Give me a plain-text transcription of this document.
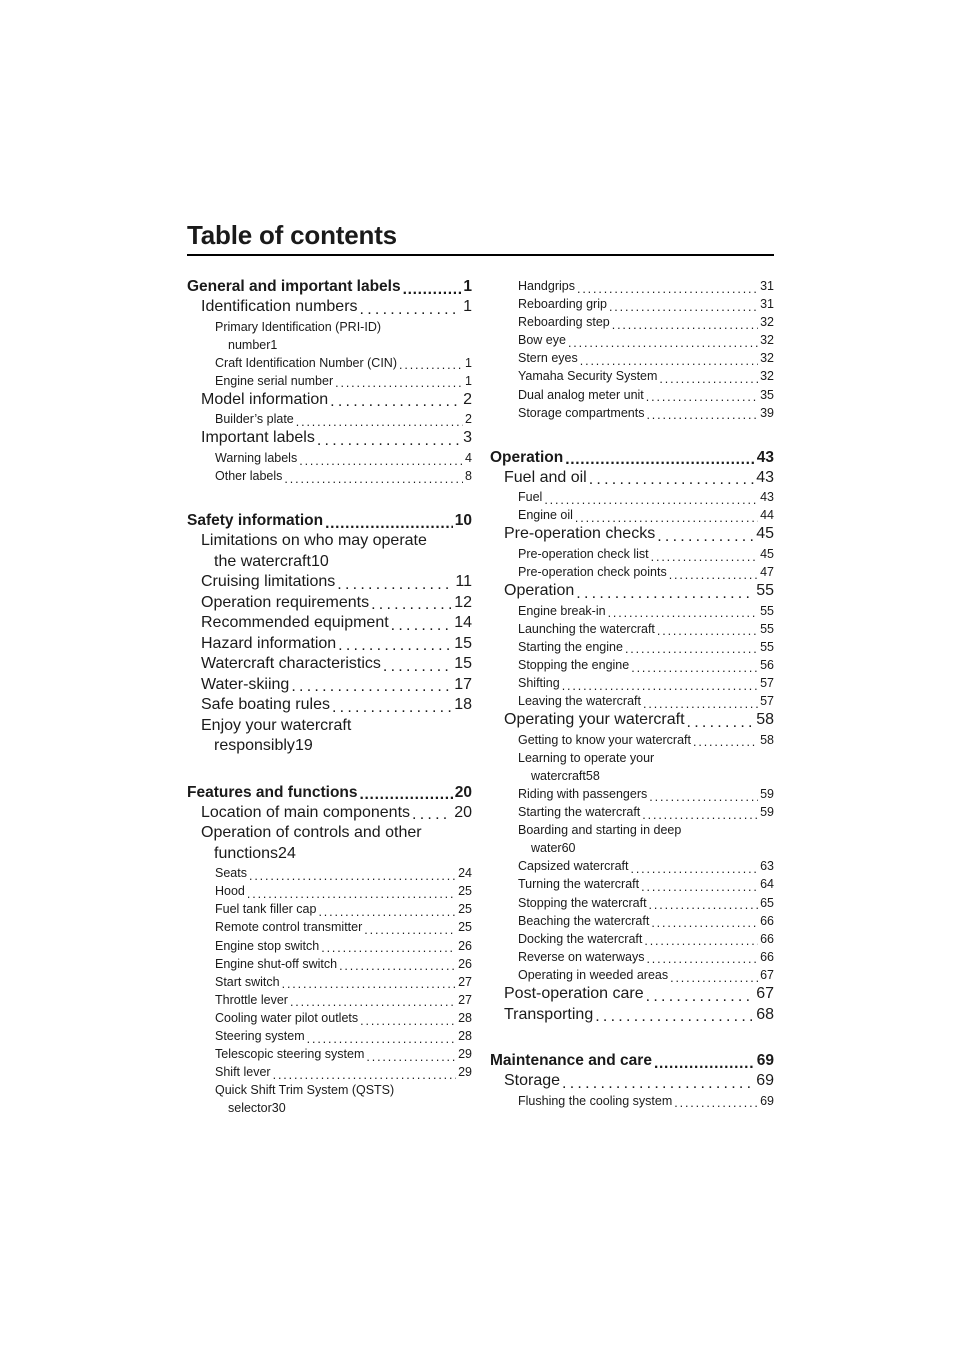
Table of contents
General and important labels . . .	1
Identification numbers . . .	1
Primary Identification (PRI-ID)
number 1
Craft Identification Number (CIN) . . .	1
Engine serial number . . .	1
Model information . . .	2
Builder’s plate . . .	2
Important labels . . .	3
Warning labels . . .	4
Other labels . . .	8
Safety information . . .	10
Limitations on who may operate
the watercraft 10
Cruising limitations . . .	11
Operation requirements . . .	12
Recommended equipment . . .	14
Hazard information . . .	15
Watercraft characteristics . . .	15
Water-skiing . . .	17
Safe boating rules . . .	18
Enjoy your watercraft
responsibly 19
Features and functions . . .	20
Location of main components . . .	20
Operation of controls and other
functions 24
Seats . . .	24
Hood . . .	25
Fuel tank filler cap . . .	25
Remote control transmitter . . .	25
Engine stop switch . . .	26
Engine shut-off switch . . .	26
Start switch . . .	27
Throttle lever . . .	27
Cooling water pilot outlets . . .	28
Steering system . . .	28
Telescopic steering system . . .	29
Shift lever . . .	29
Quick Shift Trim System (QSTS)
selector 30
Handgrips . . .	31
Reboarding grip . . .	31
Reboarding step . . .	32
Bow eye . . .	32
Stern eyes . . .	32
Yamaha Security System . . .	32
Dual analog meter unit . . .	35
Storage compartments . . .	39
Operation . . .	43
Fuel and oil . . .	43
Fuel . . .	43
Engine oil . . .	44
Pre-operation checks . . .	45
Pre-operation check list . . .	45
Pre-operation check points . . .	47
Operation . . .	55
Engine break-in . . .	55
Launching the watercraft . . .	55
Starting the engine . . .	55
Stopping the engine . . .	56
Shifting . . .	57
Leaving the watercraft . . .	57
Operating your watercraft . . .	58
Getting to know your watercraft . . .	58
Learning to operate your
watercraft 58
Riding with passengers . . .	59
Starting the watercraft . . .	59
Boarding and starting in deep
water 60
Capsized watercraft . . .	63
Turning the watercraft . . .	64
Stopping the watercraft . . .	65
Beaching the watercraft . . .	66
Docking the watercraft . . .	66
Reverse on waterways . . .	66
Operating in weeded areas . . .	67
Post-operation care . . .	67
Transporting . . .	68
Maintenance and care . . .	69
Storage . . .	69
Flushing the cooling system . . .	69
